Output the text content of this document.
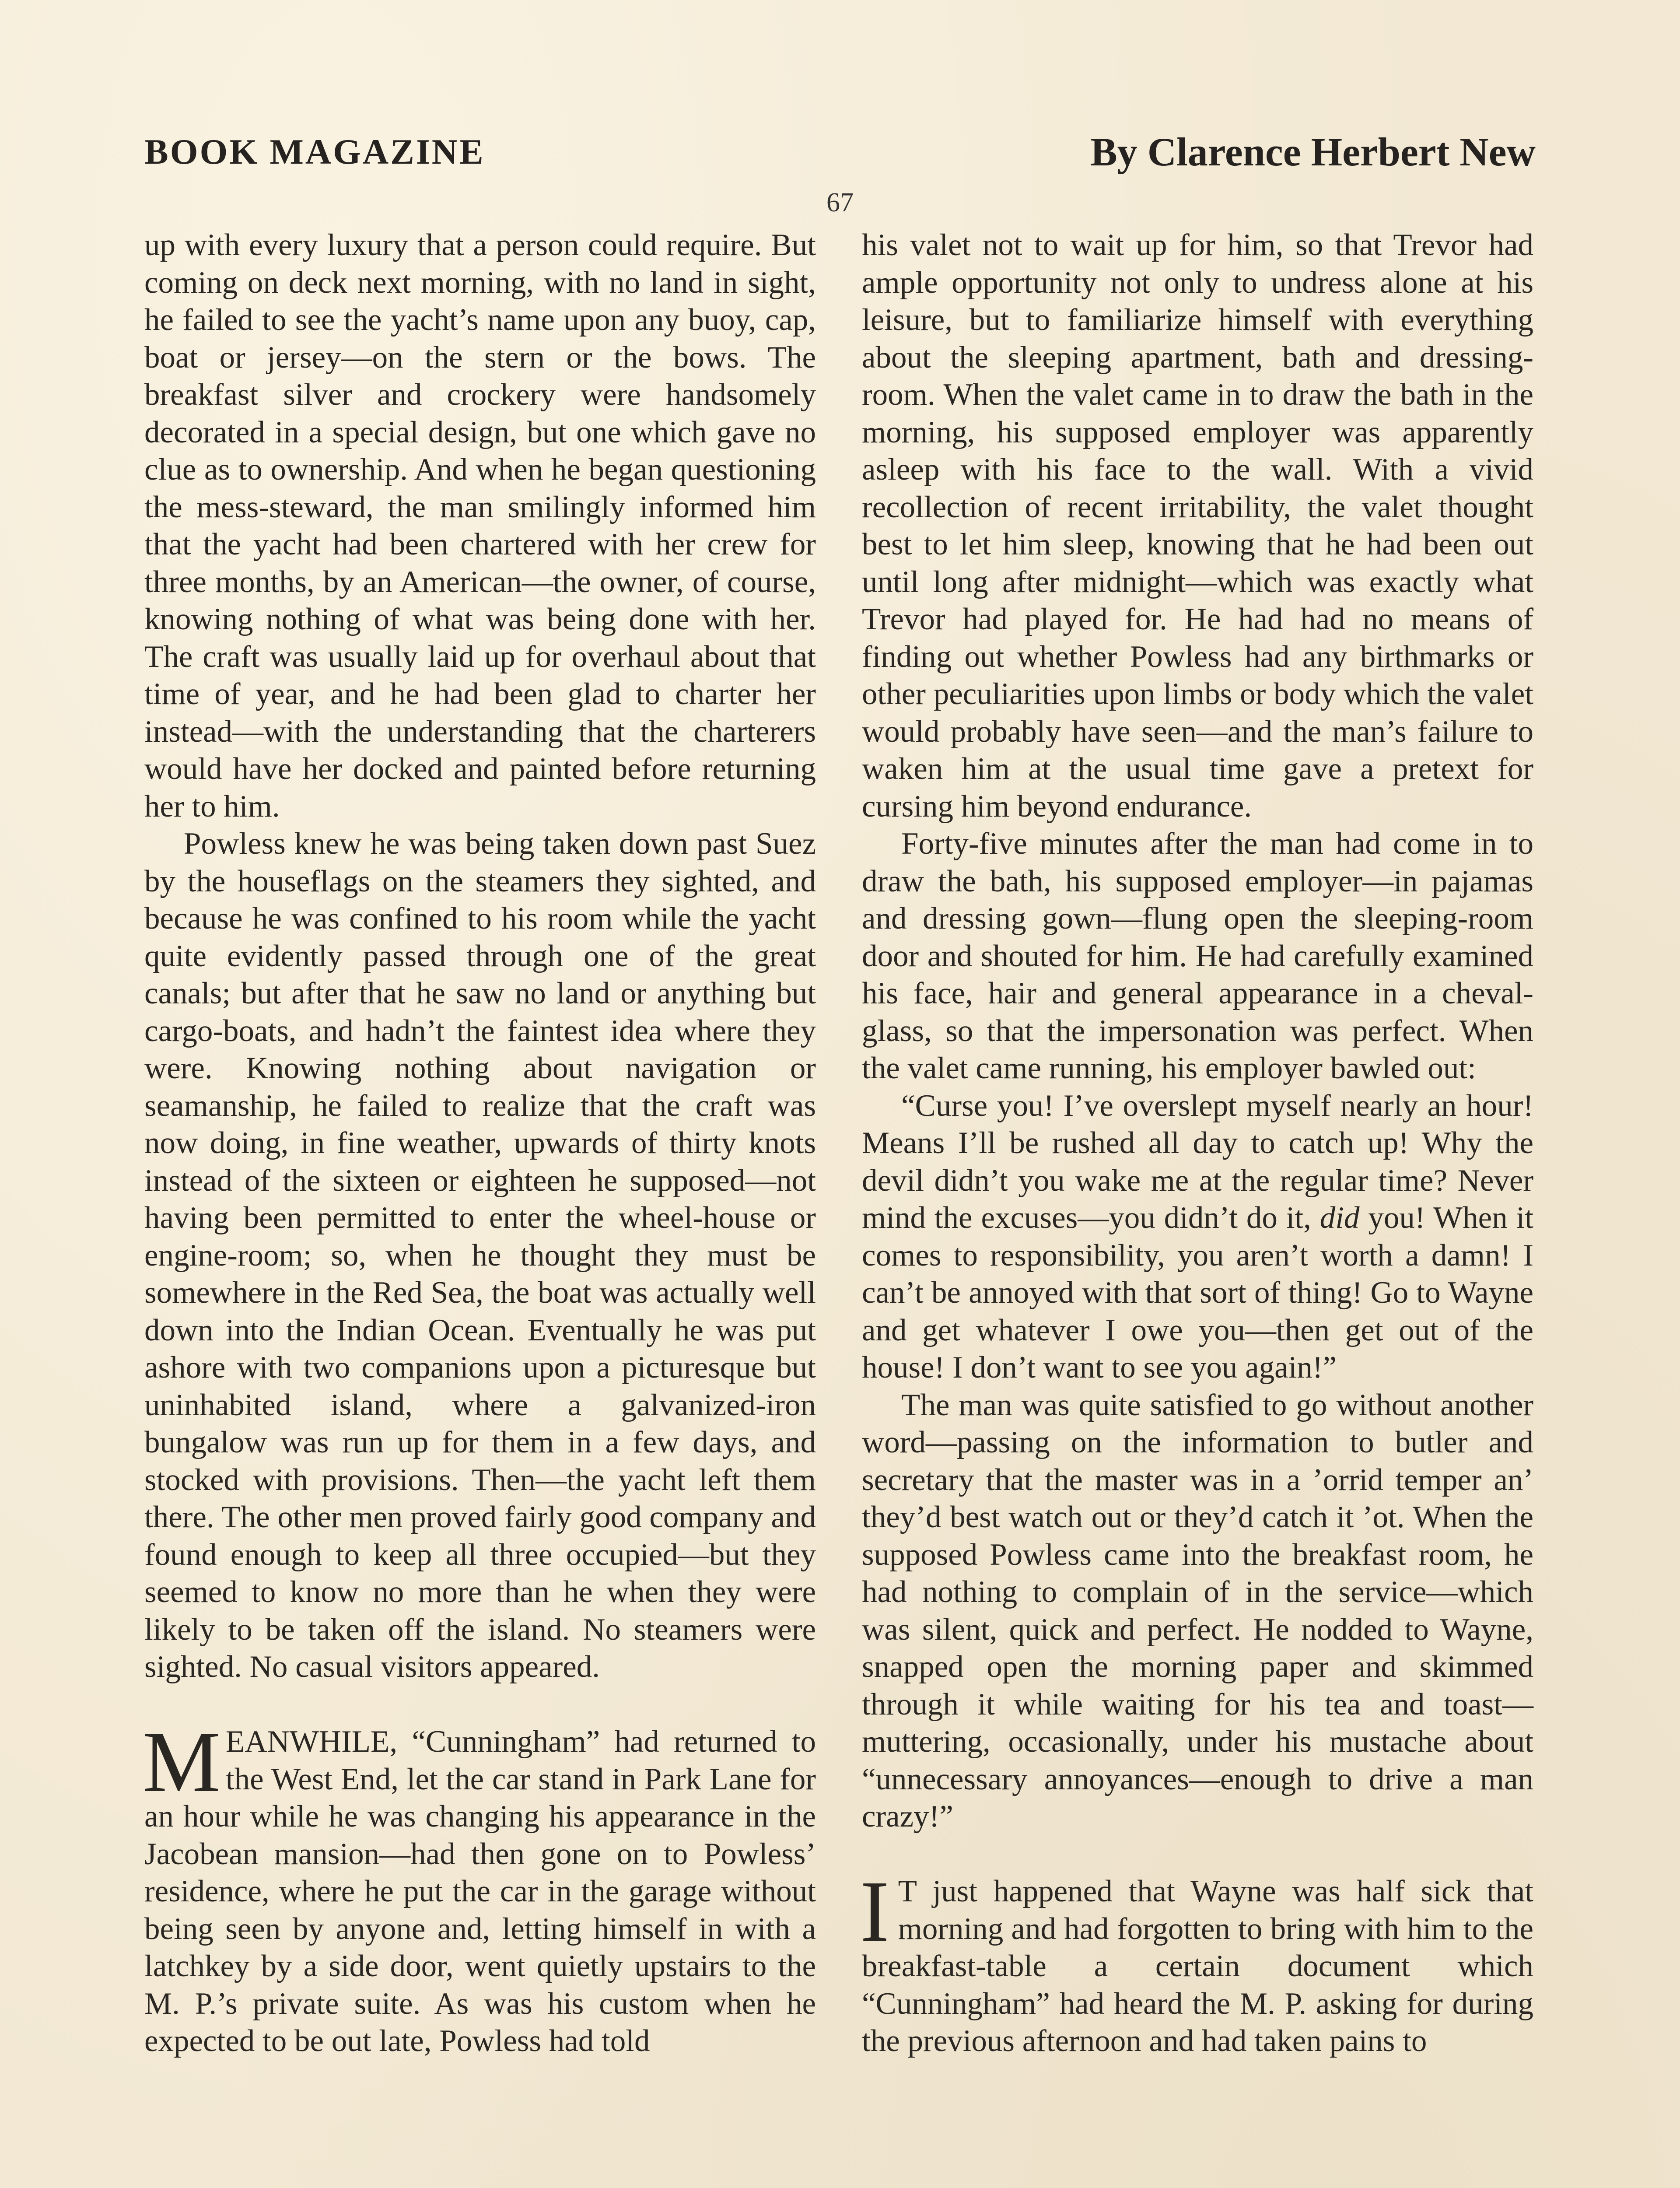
BOOK MAGAZINE	By Clarence Herbert New
67

up with every luxury that a person could require. But coming on deck next morning, with no land in sight, he failed to see the yacht’s name upon any buoy, cap, boat or jersey—on the stern or the bows. The breakfast silver and crockery were handsomely decorated in a special design, but one which gave no clue as to ownership. And when he began questioning the mess-steward, the man smilingly informed him that the yacht had been chartered with her crew for three months, by an American—the owner, of course, knowing nothing of what was being done with her. The craft was usually laid up for overhaul about that time of year, and he had been glad to charter her instead—with the understanding that the charterers would have her docked and painted before returning her to him.

Powless knew he was being taken down past Suez by the houseflags on the steamers they sighted, and because he was confined to his room while the yacht quite evidently passed through one of the great canals; but after that he saw no land or anything but cargo-boats, and hadn’t the faintest idea where they were. Knowing nothing about navigation or seamanship, he failed to realize that the craft was now doing, in fine weather, upwards of thirty knots instead of the sixteen or eighteen he supposed—not having been permitted to enter the wheel-house or engine-room; so, when he thought they must be somewhere in the Red Sea, the boat was actually well down into the Indian Ocean. Eventually he was put ashore with two companions upon a picturesque but uninhabited island, where a galvanized-iron bungalow was run up for them in a few days, and stocked with provisions. Then—the yacht left them there. The other men proved fairly good company and found enough to keep all three occupied—but they seemed to know no more than he when they were likely to be taken off the island. No steamers were sighted. No casual visitors appeared.

MEANWHILE, “Cunningham” had returned to the West End, let the car stand in Park Lane for an hour while he was changing his appearance in the Jacobean mansion—had then gone on to Powless’ residence, where he put the car in the garage without being seen by anyone and, letting himself in with a latchkey by a side door, went quietly upstairs to the M. P.’s private suite. As was his custom when he expected to be out late, Powless had told

his valet not to wait up for him, so that Trevor had ample opportunity not only to undress alone at his leisure, but to familiarize himself with everything about the sleeping apartment, bath and dressing-room. When the valet came in to draw the bath in the morning, his supposed employer was apparently asleep with his face to the wall. With a vivid recollection of recent irritability, the valet thought best to let him sleep, knowing that he had been out until long after midnight—which was exactly what Trevor had played for. He had had no means of finding out whether Powless had any birthmarks or other peculiarities upon limbs or body which the valet would probably have seen—and the man’s failure to waken him at the usual time gave a pretext for cursing him beyond endurance.

Forty-five minutes after the man had come in to draw the bath, his supposed employer—in pajamas and dressing gown—flung open the sleeping-room door and shouted for him. He had carefully examined his face, hair and general appearance in a cheval-glass, so that the impersonation was perfect. When the valet came running, his employer bawled out:

“Curse you! I’ve overslept myself nearly an hour! Means I’ll be rushed all day to catch up! Why the devil didn’t you wake me at the regular time? Never mind the excuses—you didn’t do it, did you! When it comes to responsibility, you aren’t worth a damn! I can’t be annoyed with that sort of thing! Go to Wayne and get whatever I owe you—then get out of the house! I don’t want to see you again!”

The man was quite satisfied to go without another word—passing on the information to butler and secretary that the master was in a ’orrid temper an’ they’d best watch out or they’d catch it ’ot. When the supposed Powless came into the breakfast room, he had nothing to complain of in the service—which was silent, quick and perfect. He nodded to Wayne, snapped open the morning paper and skimmed through it while waiting for his tea and toast—muttering, occasionally, under his mustache about “unnecessary annoyances—enough to drive a man crazy!”

I T just happened that Wayne was half sick that morning and had forgotten to bring with him to the breakfast-table a certain document which “Cunningham” had heard the M. P. asking for during the previous afternoon and had taken pains to
